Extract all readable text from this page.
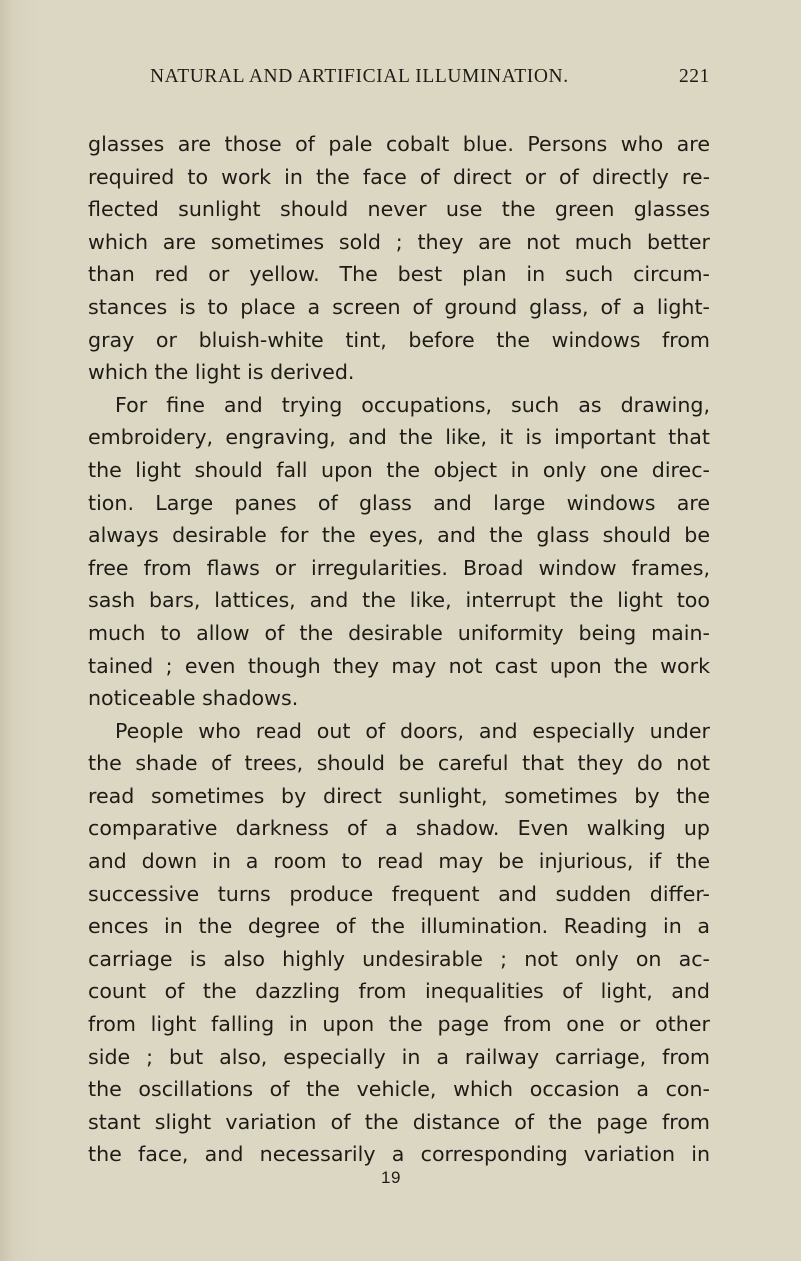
NATURAL AND ARTIFICIAL ILLUMINATION.	221
glasses are those of pale cobalt blue. Persons who are
required to work in the face of direct or of directly re-
flected sunlight should never use the green glasses
which are sometimes sold ; they are not much better
than red or yellow. The best plan in such circum-
stances is to place a screen of ground glass, of a light-
gray or bluish-white tint, before the windows from
which the light is derived.
For fine and trying occupations, such as drawing,
embroidery, engraving, and the like, it is important that
the light should fall upon the object in only one direc-
tion. Large panes of glass and large windows are
always desirable for the eyes, and the glass should be
free from flaws or irregularities. Broad window frames,
sash bars, lattices, and the like, interrupt the light too
much to allow of the desirable uniformity being main-
tained ; even though they may not cast upon the work
noticeable shadows.
People who read out of doors, and especially under
the shade of trees, should be careful that they do not
read sometimes by direct sunlight, sometimes by the
comparative darkness of a shadow. Even walking up
and down in a room to read may be injurious, if the
successive turns produce frequent and sudden differ-
ences in the degree of the illumination. Reading in a
carriage is also highly undesirable ; not only on ac-
count of the dazzling from inequalities of light, and
from light falling in upon the page from one or other
side ; but also, especially in a railway carriage, from
the oscillations of the vehicle, which occasion a con-
stant slight variation of the distance of the page from
the face, and necessarily a corresponding variation in
19
